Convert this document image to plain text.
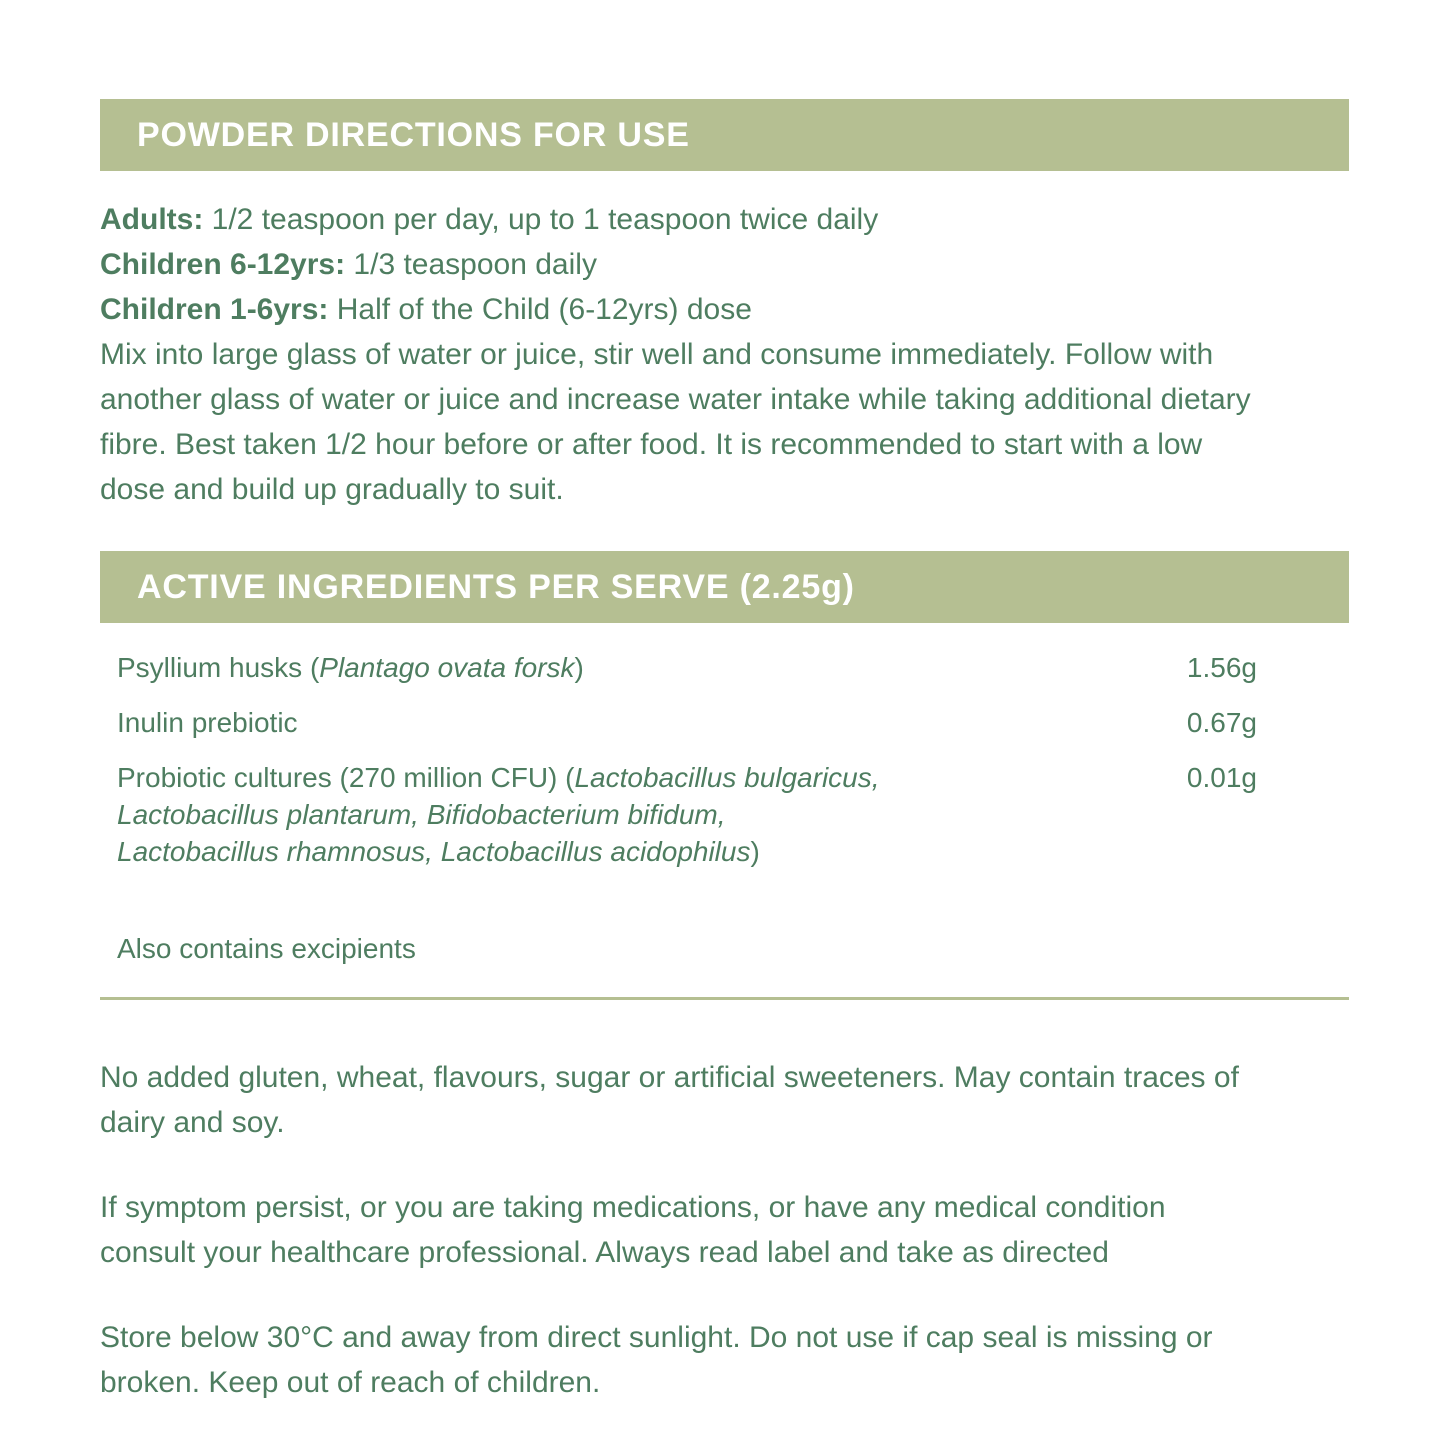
POWDER DIRECTIONS FOR USE

Adults: 1/2 teaspoon per day, up to 1 teaspoon twice daily

Children 6-12yrs: 1/3 teaspoon daily

Children 1-6yrs: Half of the Child (6-12yrs) dose

Mix into large glass of water or juice, stir well and consume immediately. Follow with another glass of water or juice and increase water intake while taking additional dietary fibre. Best taken 1/2 hour before or after food. It is recommended to start with a low dose and build up gradually to suit.

ACTIVE INGREDIENTS PER SERVE (2.25g)
Psyllium husks (Plantago ovata forsk)	1.56g
Inulin prebiotic	0.67g
Probiotic cultures (270 million CFU) (Lactobacillus bulgaricus,
Lactobacillus plantarum, Bifidobacterium bifidum,
Lactobacillus rhamnosus, Lactobacillus acidophilus)
0.01g

Also contains excipients

No added gluten, wheat, flavours, sugar or artificial sweeteners. May contain traces of dairy and soy.

If symptom persist, or you are taking medications, or have any medical condition consult your healthcare professional. Always read label and take as directed

Store below 30°C and away from direct sunlight. Do not use if cap seal is missing or broken. Keep out of reach of children.
